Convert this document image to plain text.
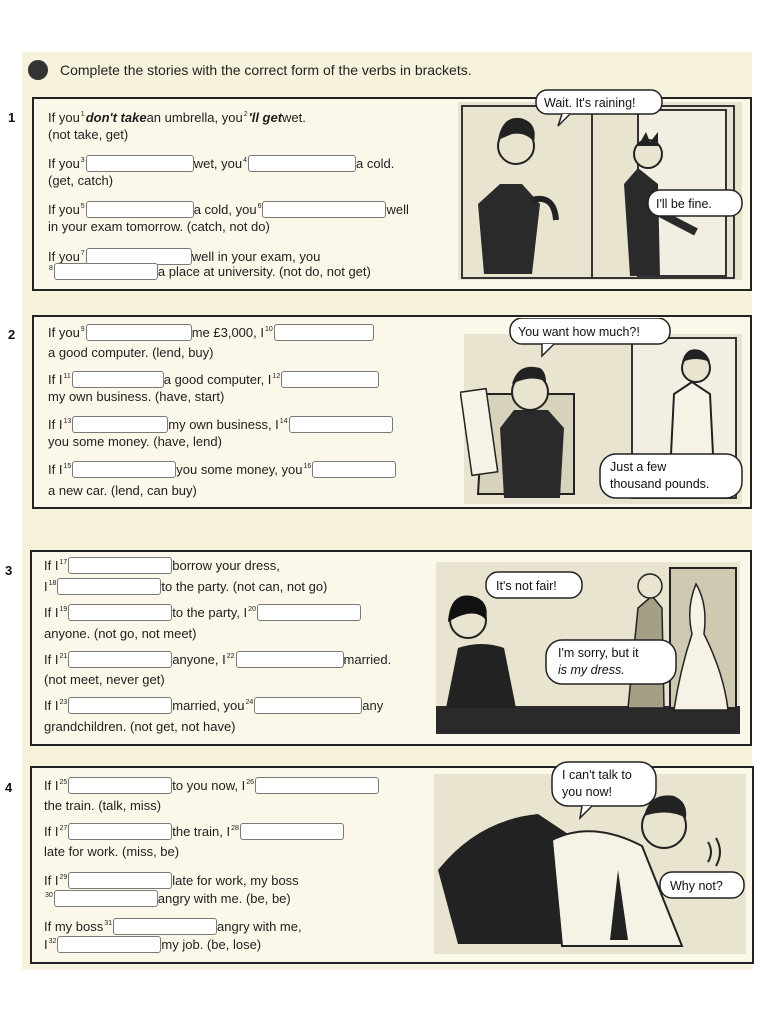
Complete the stories with the correct form of the verbs in brackets.
1
2
3
4
If you$^1$don't takean umbrella, you$^2$'ll getwet.
(not take, get)
If you$^3$	wet, you$^4$	a cold.
(get, catch)
If you$^5$	a cold, you$^6$	well
in your exam tomorrow. (catch, not do)
If you$^7$	well in your exam, you
$^8$	a place at university. (not do, not get)
If you$^9$	me £3,000, $I^{10}$
a good computer. (lend, buy)
If $I^{11}$	a good computer, $I^{12}$
my own business. (have, start)
If $I^{13}$	my own business, $I^{14}$
you some money. (have, lend)
If $I^{15}$	you some money, you$^{16}$
a new car. (lend, can buy)
If $I^{17}$	borrow your dress,
$I^{18}$	to the party. (not can, not go)
If $I^{19}$	to the party, $I^{20}$
anyone. (not go, not meet)
If $I^{21}$	anyone, $I^{22}$	married.
(not meet, never get)
If $I^{23}$	married, you$^{24}$	any
grandchildren. (not get, not have)
If $I^{25}$	to you now, $I^{26}$
the train. (talk, miss)
If $I^{27}$	the train, $I^{28}$
late for work. (miss, be)
If $I^{29}$	late for work, my boss
$^{30}$	angry with me. (be, be)
If my boss$^{31}$	angry with me,
$I^{32}$	my job. (be, lose)
Wait. It's raining!
I'll be fine.
You want how much?!
Just a few
thousand pounds.
It's not fair!
I'm sorry, but it
is my dress.
I can't talk to
you now!
Why not?
